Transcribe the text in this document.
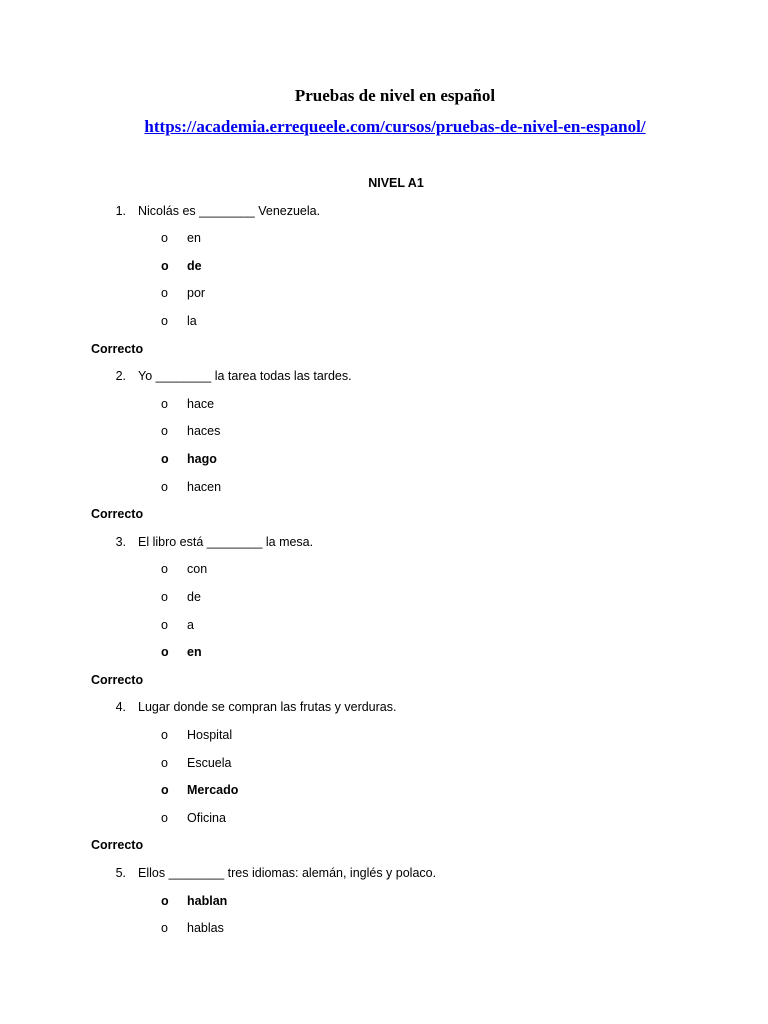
Pruebas de nivel en español
https://academia.errequeele.com/cursos/pruebas-de-nivel-en-espanol/
NIVEL A1
1. Nicolás es ________ Venezuela.
o en
o de
o por
o la
Correcto
2. Yo ________ la tarea todas las tardes.
o hace
o haces
o hago
o hacen
Correcto
3. El libro está ________ la mesa.
o con
o de
o a
o en
Correcto
4. Lugar donde se compran las frutas y verduras.
o Hospital
o Escuela
o Mercado
o Oficina
Correcto
5. Ellos ________ tres idiomas: alemán, inglés y polaco.
o hablan
o hablas
